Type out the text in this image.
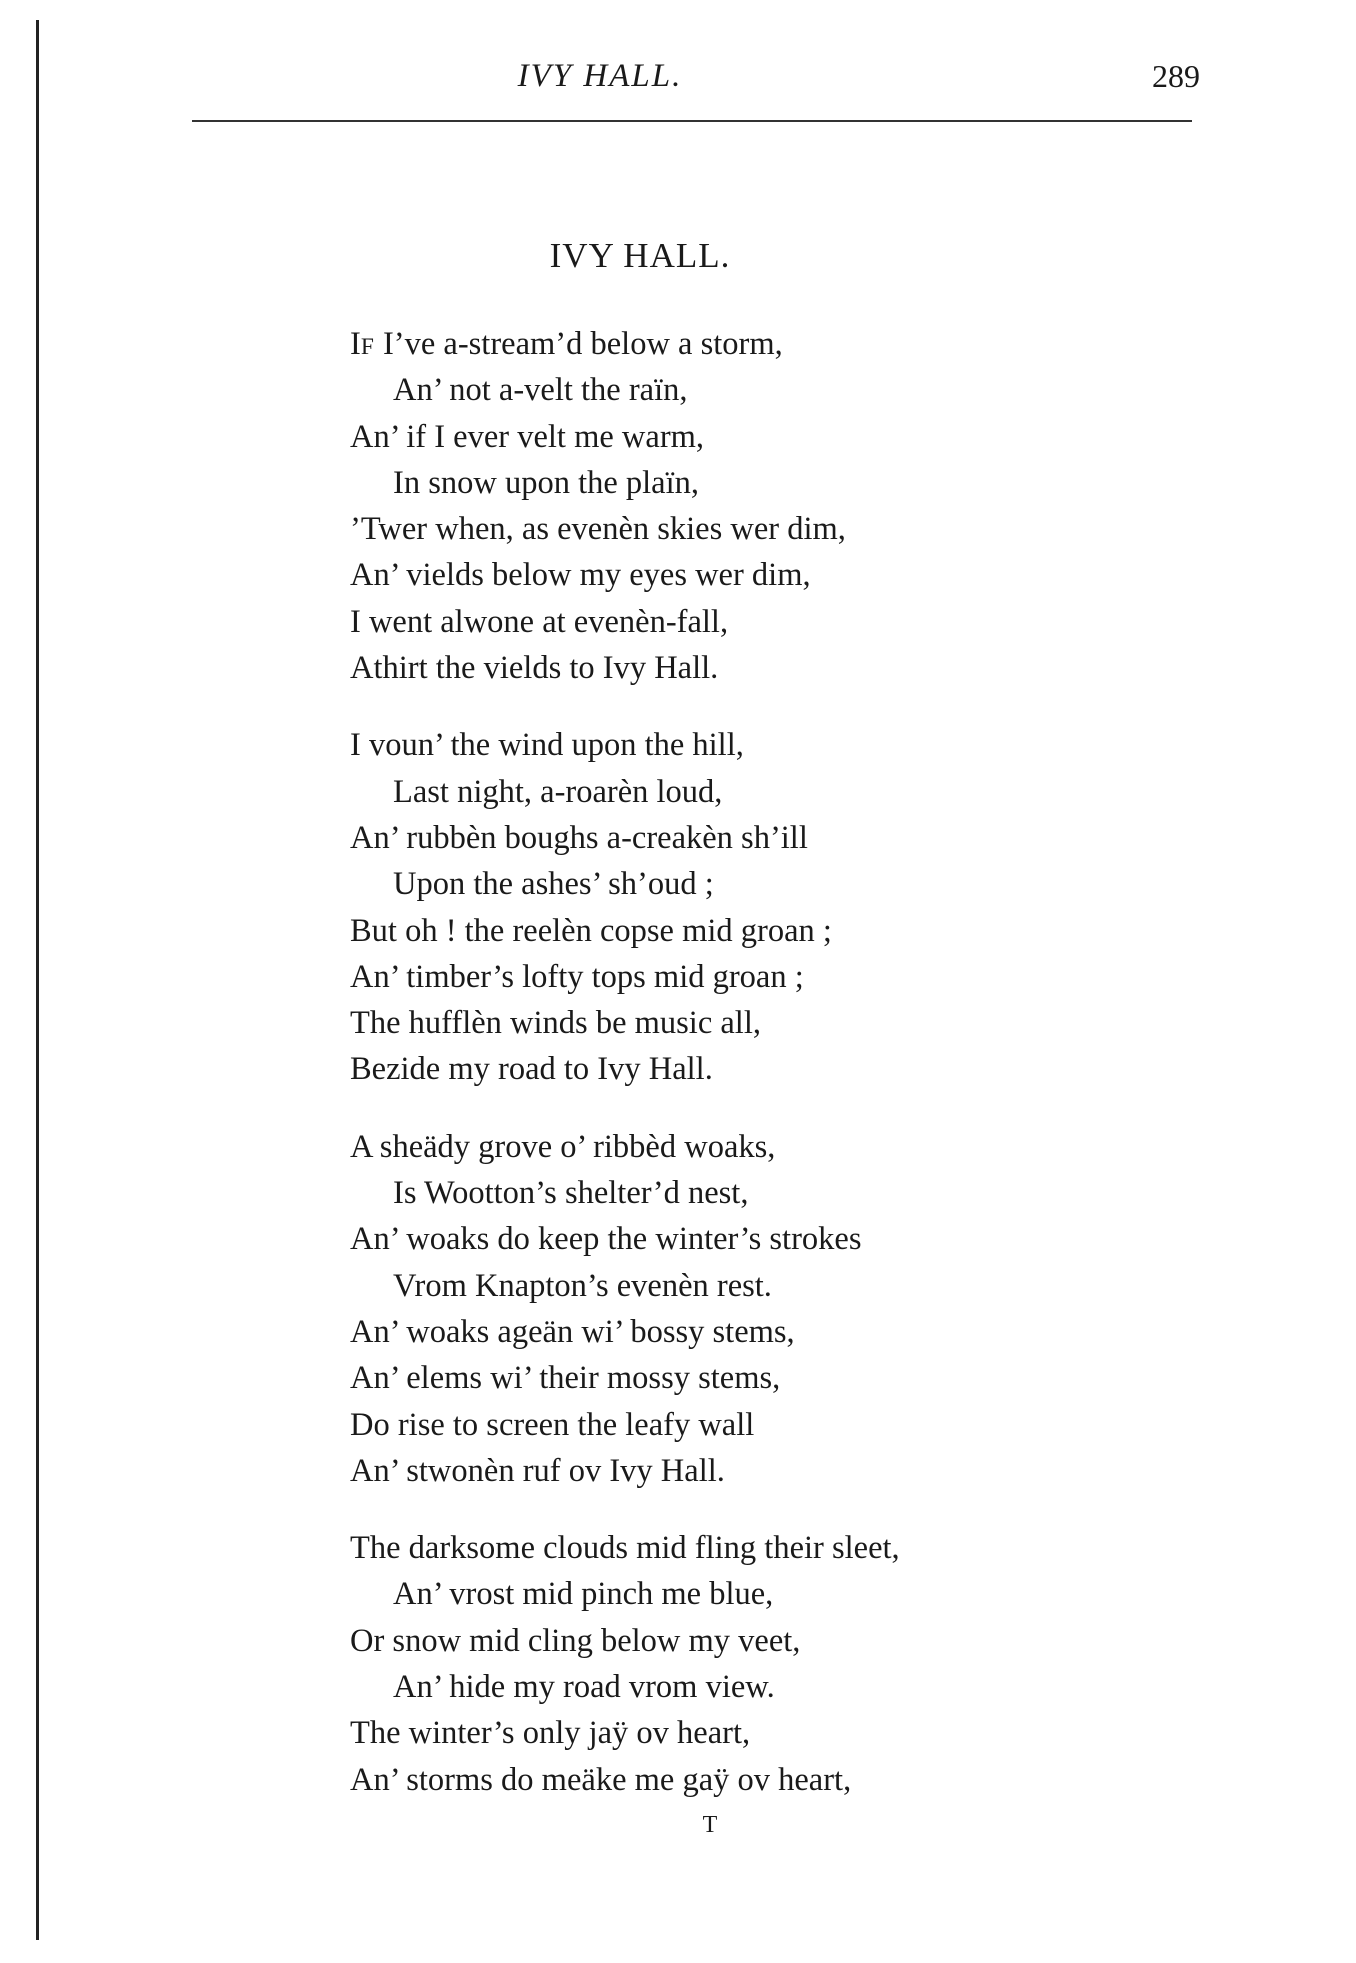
IVY HALL.	289
IVY HALL.
IF I’ve a-stream’d below a storm,
An’ not a-velt the raïn,
An’ if I ever velt me warm,
In snow upon the plaïn,
’Twer when, as evenèn skies wer dim,
An’ vields below my eyes wer dim,
I went alwone at evenèn-fall,
Athirt the vields to Ivy Hall.
I voun’ the wind upon the hill,
Last night, a-roarèn loud,
An’ rubbèn boughs a-creakèn sh’ill
Upon the ashes’ sh’oud ;
But oh ! the reelèn copse mid groan ;
An’ timber’s lofty tops mid groan ;
The hufflèn winds be music all,
Bezide my road to Ivy Hall.
A sheädy grove o’ ribbèd woaks,
Is Wootton’s shelter’d nest,
An’ woaks do keep the winter’s strokes
Vrom Knapton’s evenèn rest.
An’ woaks ageän wi’ bossy stems,
An’ elems wi’ their mossy stems,
Do rise to screen the leafy wall
An’ stwonèn ruf ov Ivy Hall.
The darksome clouds mid fling their sleet,
An’ vrost mid pinch me blue,
Or snow mid cling below my veet,
An’ hide my road vrom view.
The winter’s only jaÿ ov heart,
An’ storms do meäke me gaÿ ov heart,
T
